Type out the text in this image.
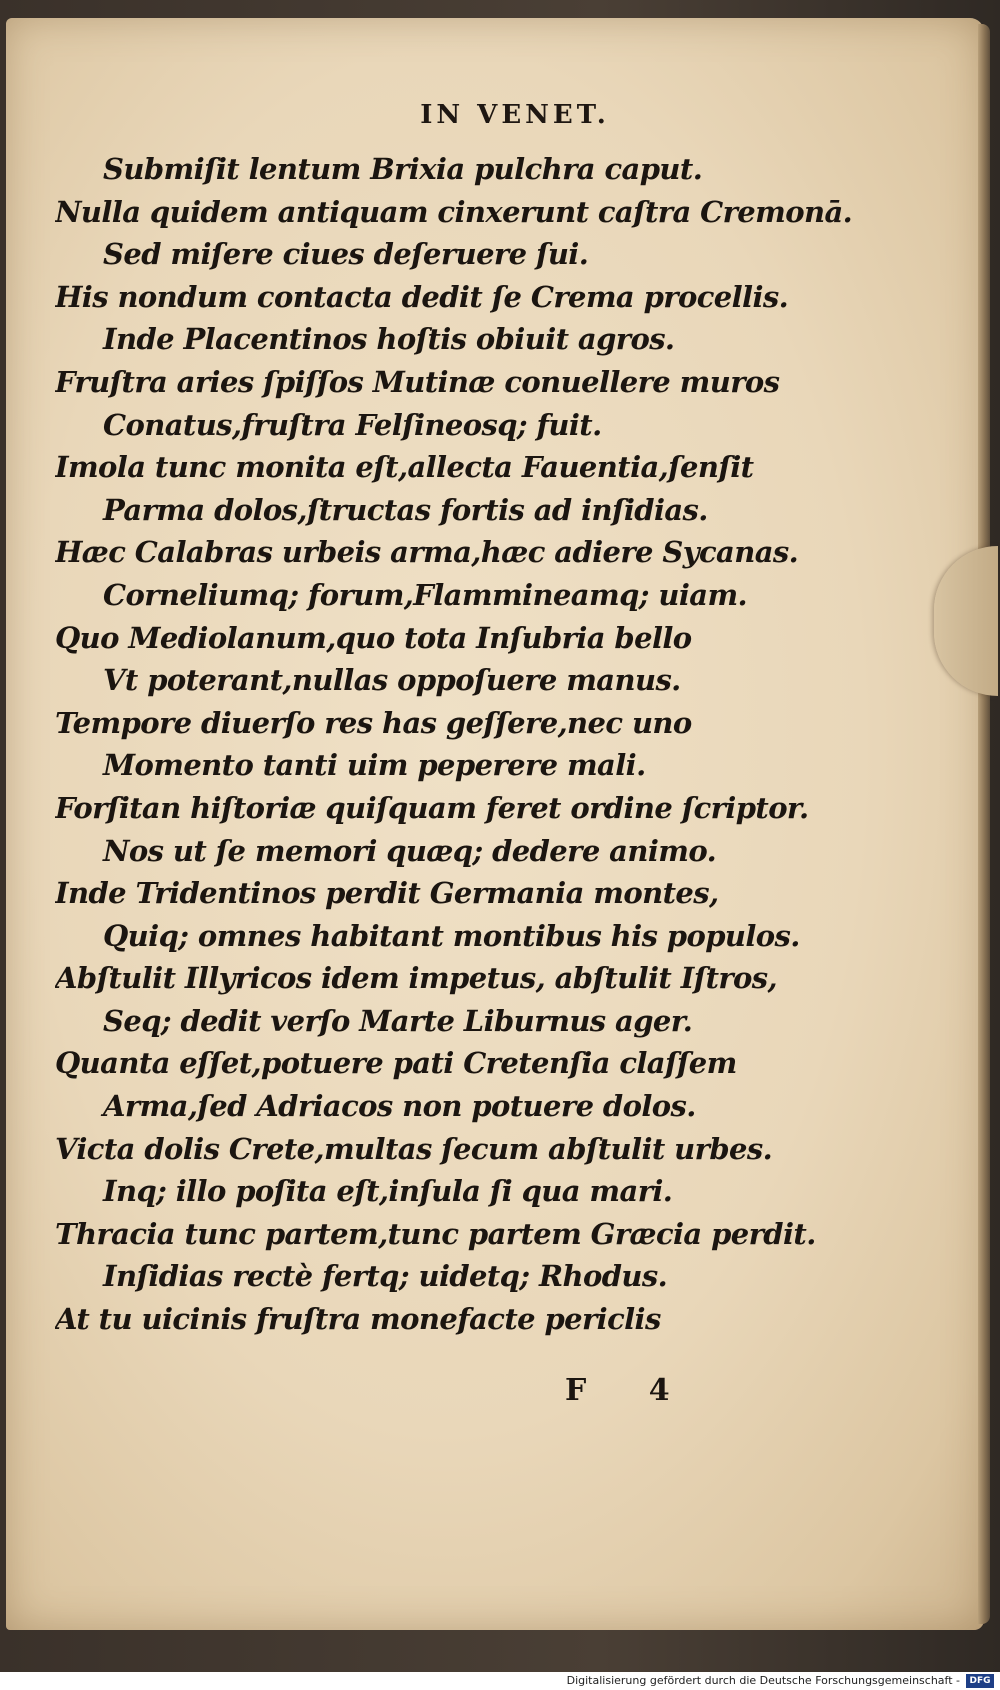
IN VENET.
Submiſit lentum Brixia pulchra caput.
Nulla quidem antiquam cinxerunt caſtra Cremonā.
Sed miſere ciues deſeruere ſui.
His nondum contacta dedit ſe Crema procellis.
Inde Placentinos hoſtis obiuit agros.
Fruſtra aries ſpiſſos Mutinæ conuellere muros
Conatus,fruſtra Felſineosq; fuit.
Imola tunc monita eſt,allecta Fauentia,ſenſit
Parma dolos,ſtructas fortis ad inſidias.
Hæc Calabras urbeis arma,hæc adiere Sycanas.
Corneliumq; forum,Flammineamq; uiam.
Quo Mediolanum,quo tota Inſubria bello
Vt poterant,nullas oppoſuere manus.
Tempore diuerſo res has geſſere,nec uno
Momento tanti uim peperere mali.
Forſitan hiſtoriæ quiſquam feret ordine ſcriptor.
Nos ut ſe memori quæq; dedere animo.
Inde Tridentinos perdit Germania montes,
Quiq; omnes habitant montibus his populos.
Abſtulit Illyricos idem impetus, abſtulit Iſtros,
Seq; dedit verſo Marte Liburnus ager.
Quanta eſſet,potuere pati Cretenſia claſſem
Arma,ſed Adriacos non potuere dolos.
Victa dolis Crete,multas ſecum abſtulit urbes.
Inq; illo poſita eſt,inſula ſi qua mari.
Thracia tunc partem,tunc partem Græcia perdit.
Inſidias rectè fertq; uidetq; Rhodus.
At tu uicinis fruſtra monefacte periclis
F 4
Digitalisierung gefördert durch die Deutsche Forschungsgemeinschaft -	DFG
